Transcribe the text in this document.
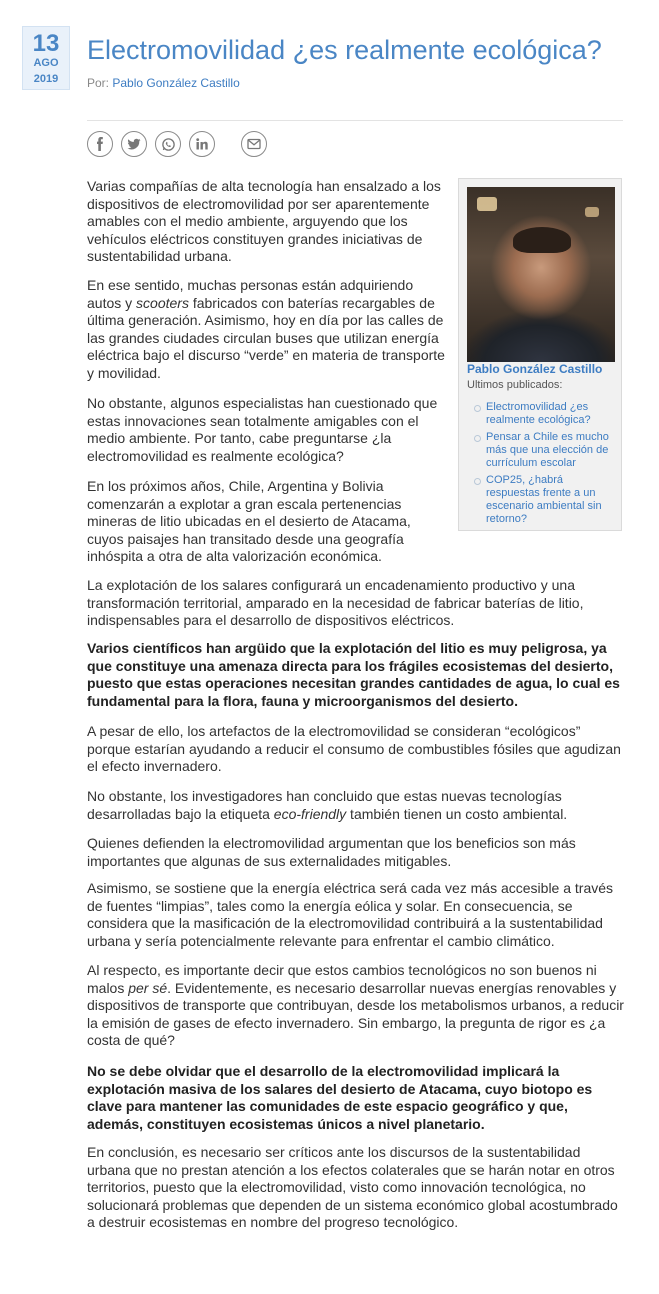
13
AGO
2019
Electromovilidad ¿es realmente ecológica?
Por: Pablo González Castillo
Pablo González Castillo
Ultimos publicados:
Electromovilidad ¿es realmente ecológica?
Pensar a Chile es mucho más que una elección de currículum escolar
COP25, ¿habrá respuestas frente a un escenario ambiental sin retorno?

Varias compañías de alta tecnología han ensalzado a los dispositivos de electromovilidad por ser aparentemente amables con el medio ambiente, arguyendo que los vehículos eléctricos constituyen grandes iniciativas de sustentabilidad urbana.

En ese sentido, muchas personas están adquiriendo autos y scooters fabricados con baterías recargables de última generación. Asimismo, hoy en día por las calles de las grandes ciudades circulan buses que utilizan energía eléctrica bajo el discurso “verde” en materia de transporte y movilidad.

No obstante, algunos especialistas han cuestionado que estas innovaciones sean totalmente amigables con el medio ambiente. Por tanto, cabe preguntarse ¿la electromovilidad es realmente ecológica?

En los próximos años, Chile, Argentina y Bolivia comenzarán a explotar a gran escala pertenencias mineras de litio ubicadas en el desierto de Atacama, cuyos paisajes han transitado desde una geografía inhóspita a otra de alta valorización económica.

La explotación de los salares configurará un encadenamiento productivo y una transformación territorial, amparado en la necesidad de fabricar baterías de litio, indispensables para el desarrollo de dispositivos eléctricos.

Varios científicos han argüido que la explotación del litio es muy peligrosa, ya que constituye una amenaza directa para los frágiles ecosistemas del desierto, puesto que estas operaciones necesitan grandes cantidades de agua, lo cual es fundamental para la flora, fauna y microorganismos del desierto.

A pesar de ello, los artefactos de la electromovilidad se consideran “ecológicos” porque estarían ayudando a reducir el consumo de combustibles fósiles que agudizan el efecto invernadero.

No obstante, los investigadores han concluido que estas nuevas tecnologías desarrolladas bajo la etiqueta eco-friendly también tienen un costo ambiental.

Quienes defienden la electromovilidad argumentan que los beneficios son más importantes que algunas de sus externalidades mitigables.

Asimismo, se sostiene que la energía eléctrica será cada vez más accesible a través de fuentes “limpias”, tales como la energía eólica y solar. En consecuencia, se considera que la masificación de la electromovilidad contribuirá a la sustentabilidad urbana y sería potencialmente relevante para enfrentar el cambio climático.

Al respecto, es importante decir que estos cambios tecnológicos no son buenos ni malos per sé. Evidentemente, es necesario desarrollar nuevas energías renovables y dispositivos de transporte que contribuyan, desde los metabolismos urbanos, a reducir la emisión de gases de efecto invernadero. Sin embargo, la pregunta de rigor es ¿a costa de qué?

No se debe olvidar que el desarrollo de la electromovilidad implicará la explotación masiva de los salares del desierto de Atacama, cuyo biotopo es clave para mantener las comunidades de este espacio geográfico y que, además, constituyen ecosistemas únicos a nivel planetario.

En conclusión, es necesario ser críticos ante los discursos de la sustentabilidad urbana que no prestan atención a los efectos colaterales que se harán notar en otros territorios, puesto que la electromovilidad, visto como innovación tecnológica, no solucionará problemas que dependen de un sistema económico global acostumbrado a destruir ecosistemas en nombre del progreso tecnológico.
